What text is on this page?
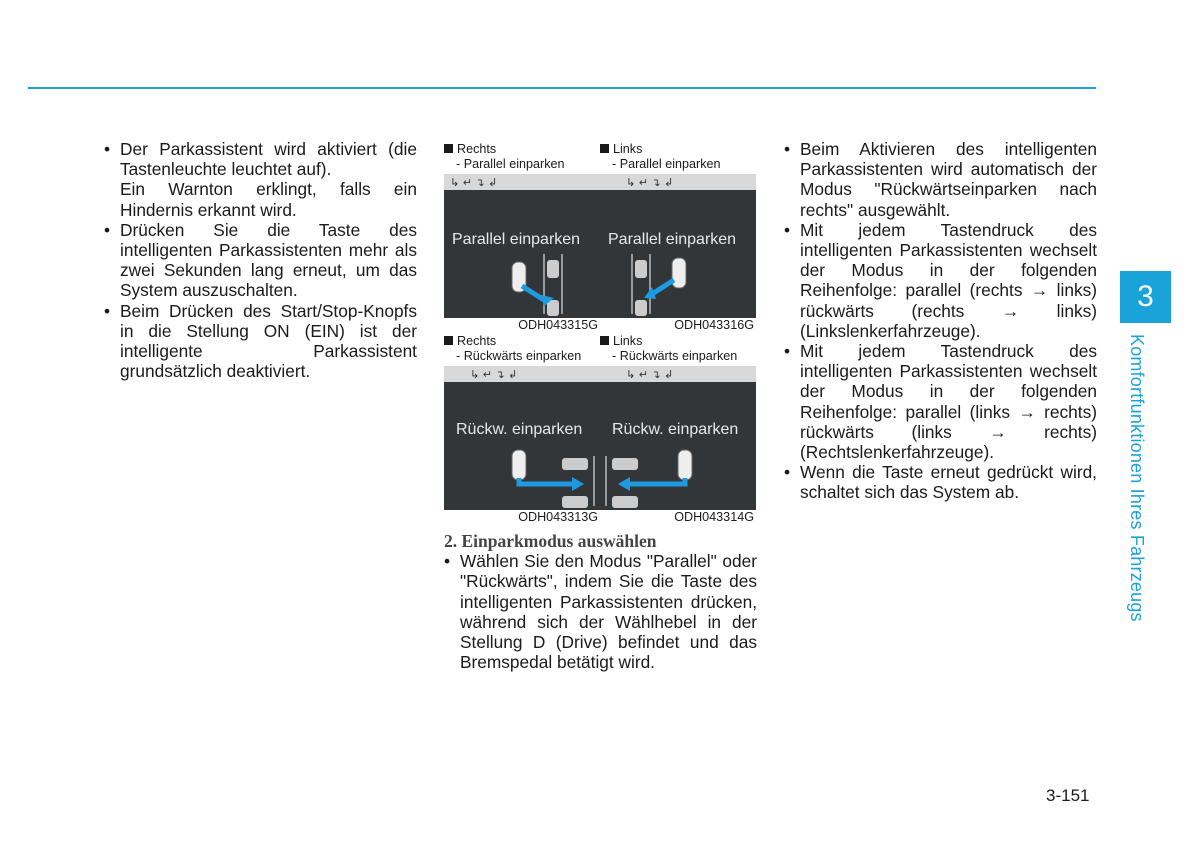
• Der Parkassistent wird aktiviert (die Tastenleuchte leuchtet auf).

Ein Warnton erklingt, falls ein Hindernis erkannt wird.

• Drücken Sie die Taste des intelligenten Parkassistenten mehr als zwei Sekunden lang erneut, um das System auszuschalten.

• Beim Drücken des Start/Stop-Knopfs in die Stellung ON (EIN) ist der intelligente Parkassistent grundsätzlich deaktiviert.

Rechts
- Parallel einparken
↳ ↵ ↴ ↲
Parallel einparken
ODH043315G
Links
- Parallel einparken
↳ ↵ ↴ ↲
Parallel einparken
ODH043316G
Rechts
- Rückwärts einparken
↳ ↵ ↴ ↲
Rückw. einparken
ODH043313G
Links
- Rückwärts einparken
↳ ↵ ↴ ↲
Rückw. einparken
ODH043314G

2. Einparkmodus auswählen

• Wählen Sie den Modus "Parallel" oder "Rückwärts", indem Sie die Taste des intelligenten Parkassistenten drücken, während sich der Wählhebel in der Stellung D (Drive) befindet und das Bremspedal betätigt wird.

• Beim Aktivieren des intelligenten Parkassistenten wird automatisch der Modus "Rückwärtseinparken nach rechts" ausgewählt.

• Mit jedem Tastendruck des intelligenten Parkassistenten wechselt der Modus in der folgenden Reihenfolge: parallel (rechts → links) rückwärts (rechts → links) (Linkslenkerfahrzeuge).

• Mit jedem Tastendruck des intelligenten Parkassistenten wechselt der Modus in der folgenden Reihenfolge: parallel (links → rechts) rückwärts (links → rechts) (Rechtslenkerfahrzeuge).

• Wenn die Taste erneut gedrückt wird, schaltet sich das System ab.

3
Komfortfunktionen Ihres Fahrzeugs
3-151
